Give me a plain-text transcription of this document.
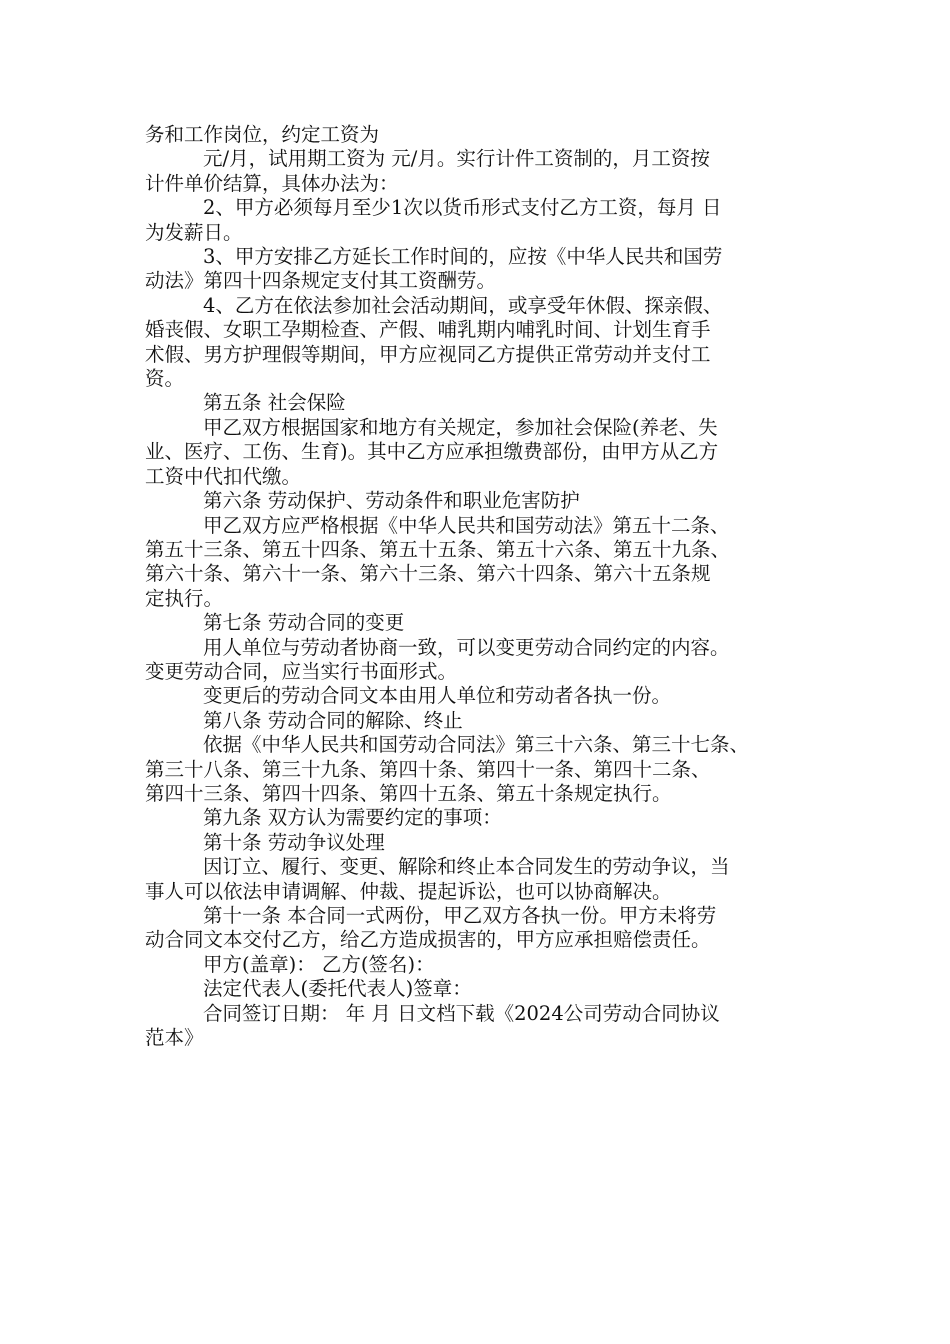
务和工作岗位，约定工资为

元/月，试用期工资为 元/月。实行计件工资制的，月工资按

计件单价结算，具体办法为：

2、甲方必须每月至少1次以货币形式支付乙方工资，每月 日

为发薪日。

3、甲方安排乙方延长工作时间的，应按《中华人民共和国劳

动法》第四十四条规定支付其工资酬劳。

4、乙方在依法参加社会活动期间，或享受年休假、探亲假、

婚丧假、女职工孕期检查、产假、哺乳期内哺乳时间、计划生育手

术假、男方护理假等期间，甲方应视同乙方提供正常劳动并支付工

资。

第五条 社会保险

甲乙双方根据国家和地方有关规定，参加社会保险(养老、失

业、医疗、工伤、生育)。其中乙方应承担缴费部份，由甲方从乙方

工资中代扣代缴。

第六条 劳动保护、劳动条件和职业危害防护

甲乙双方应严格根据《中华人民共和国劳动法》第五十二条、

第五十三条、第五十四条、第五十五条、第五十六条、第五十九条、

第六十条、第六十一条、第六十三条、第六十四条、第六十五条规

定执行。

第七条 劳动合同的变更

用人单位与劳动者协商一致，可以变更劳动合同约定的内容。

变更劳动合同，应当实行书面形式。

变更后的劳动合同文本由用人单位和劳动者各执一份。

第八条 劳动合同的解除、终止

依据《中华人民共和国劳动合同法》第三十六条、第三十七条、

第三十八条、第三十九条、第四十条、第四十一条、第四十二条、

第四十三条、第四十四条、第四十五条、第五十条规定执行。

第九条 双方认为需要约定的事项：

第十条 劳动争议处理

因订立、履行、变更、解除和终止本合同发生的劳动争议，当

事人可以依法申请调解、仲裁、提起诉讼，也可以协商解决。

第十一条 本合同一式两份，甲乙双方各执一份。甲方未将劳

动合同文本交付乙方，给乙方造成损害的，甲方应承担赔偿责任。

甲方(盖章)： 乙方(签名)：

法定代表人(委托代表人)签章：

合同签订日期： 年 月 日文档下载《2024公司劳动合同协议

范本》
